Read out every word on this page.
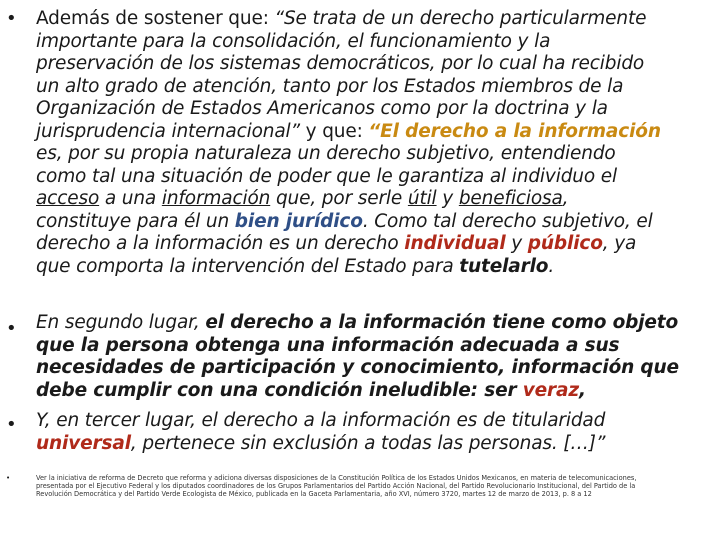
•	Además de sostener que: “Se trata de un derecho particularmente
importante para la consolidación, el funcionamiento y la
preservación de los sistemas democráticos, por lo cual ha recibido
un alto grado de atención, tanto por los Estados miembros de la
Organización de Estados Americanos como por la doctrina y la
jurisprudencia internacional” y que: “El derecho a la información
es, por su propia naturaleza un derecho subjetivo, entendiendo
como tal una situación de poder que le garantiza al individuo el
acceso a una información que, por serle útil y beneficiosa,
constituye para él un bien jurídico. Como tal derecho subjetivo, el
derecho a la información es un derecho individual y público, ya
que comporta la intervención del Estado para tutelarlo.
•	En segundo lugar, el derecho a la información tiene como objeto
que la persona obtenga una información adecuada a sus
necesidades de participación y conocimiento, información que
debe cumplir con una condición ineludible: ser veraz,
•	Y, en tercer lugar, el derecho a la información es de titularidad
universal, pertenece sin exclusión a todas las personas. […]”
•	Ver la iniciativa de reforma de Decreto que reforma y adiciona diversas disposiciones de la Constitución Política de los Estados Unidos Mexicanos, en materia de telecomunicaciones,
presentada por el Ejecutivo Federal y los diputados coordinadores de los Grupos Parlamentarios del Partido Acción Nacional, del Partido Revolucionario Institucional, del Partido de la
Revolución Democrática y del Partido Verde Ecologista de México, publicada en la Gaceta Parlamentaria, año XVI, número 3720, martes 12 de marzo de 2013, p. 8 a 12
